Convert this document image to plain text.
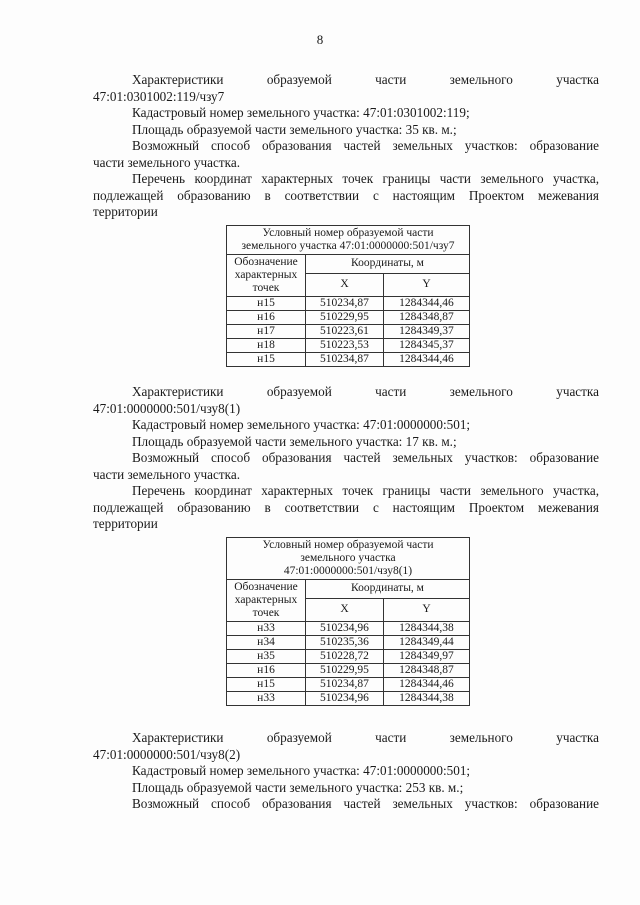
8
Характеристики	образуемой	части	земельного	участка
47:01:0301002:119/чзу7
Кадастровый номер земельного участка: 47:01:0301002:119;
Площадь образуемой части земельного участка: 35 кв. м.;
Возможный способ образования частей земельных участков: образование
части земельного участка.
Перечень координат характерных точек границы части земельного участка,
подлежащей образованию в соответствии с настоящим Проектом межевания
территории
Условный номер образуемой части
земельного участка 47:01:0000000:501/чзу7		

Обозначение
характерных
точек	Координаты, м	
	X	Y
н15	510234,87	1284344,46
н16	510229,95	1284348,87
н17	510223,61	1284349,37
н18	510223,53	1284345,37
н15	510234,87	1284344,46
Характеристики	образуемой	части	земельного	участка
47:01:0000000:501/чзу8(1)
Кадастровый номер земельного участка: 47:01:0000000:501;
Площадь образуемой части земельного участка: 17 кв. м.;
Возможный способ образования частей земельных участков: образование
части земельного участка.
Перечень координат характерных точек границы части земельного участка,
подлежащей образованию в соответствии с настоящим Проектом межевания
территории
Условный номер образуемой части
земельного участка
47:01:0000000:501/чзу8(1)		

Обозначение
характерных
точек	Координаты, м	
	X	Y
н33	510234,96	1284344,38
н34	510235,36	1284349,44
н35	510228,72	1284349,97
н16	510229,95	1284348,87
н15	510234,87	1284344,46
н33	510234,96	1284344,38
Характеристики	образуемой	части	земельного	участка
47:01:0000000:501/чзу8(2)
Кадастровый номер земельного участка: 47:01:0000000:501;
Площадь образуемой части земельного участка: 253 кв. м.;
Возможный способ образования частей земельных участков: образование
